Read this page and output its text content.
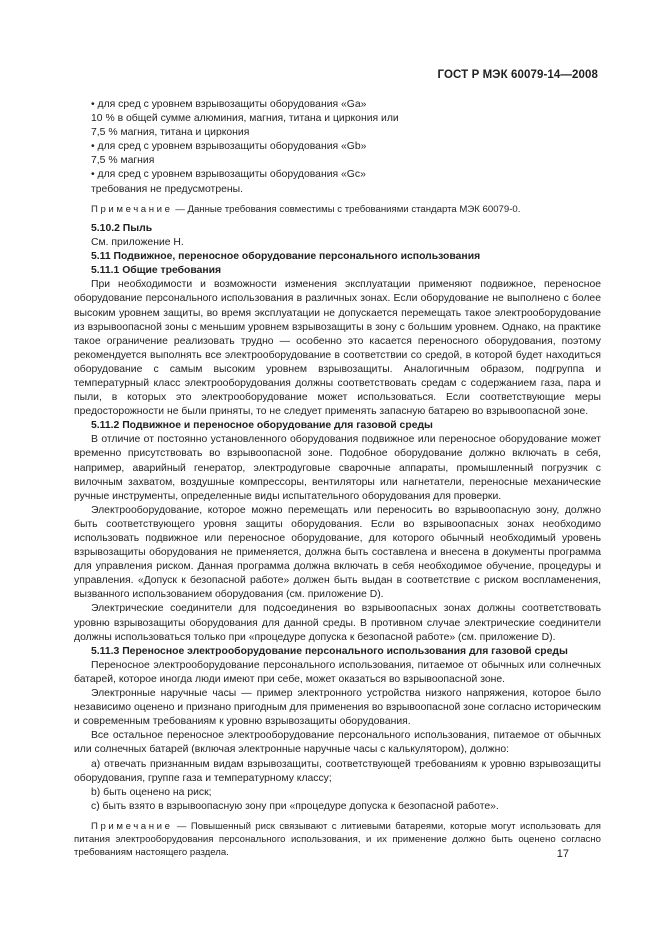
ГОСТ Р МЭК 60079-14—2008

• для сред с уровнем взрывозащиты оборудования «Ga»

10 % в общей сумме алюминия, магния, титана и циркония или

7,5 % магния, титана и циркония

• для сред с уровнем взрывозащиты оборудования «Gb»

7,5 % магния

• для сред с уровнем взрывозащиты оборудования «Gc»

требования не предусмотрены.

Примечание — Данные требования совместимы с требованиями стандарта МЭК 60079-0.

5.10.2 Пыль

См. приложение Н.

5.11 Подвижное, переносное оборудование персонального использования

5.11.1 Общие требования

При необходимости и возможности изменения эксплуатации применяют подвижное, переносное оборудование персонального использования в различных зонах. Если оборудование не выполнено с более высоким уровнем защиты, во время эксплуатации не допускается перемещать такое электрооборудование из взрывоопасной зоны с меньшим уровнем взрывозащиты в зону с большим уровнем. Однако, на практике такое ограничение реализовать трудно — особенно это касается переносного оборудования, поэтому рекомендуется выполнять все электрооборудование в соответствии со средой, в которой будет находиться оборудование с самым высоким уровнем взрывозащиты. Аналогичным образом, подгруппа и температурный класс электрооборудования должны соответствовать средам с содержанием газа, пара и пыли, в которых это электрооборудование может использоваться. Если соответствующие меры предосторожности не были приняты, то не следует применять запасную батарею во взрывоопасной зоне.

5.11.2 Подвижное и переносное оборудование для газовой среды

В отличие от постоянно установленного оборудования подвижное или переносное оборудование может временно присутствовать во взрывоопасной зоне. Подобное оборудование должно включать в себя, например, аварийный генератор, электродуговые сварочные аппараты, промышленный погрузчик с вилочным захватом, воздушные компрессоры, вентиляторы или нагнетатели, переносные механические ручные инструменты, определенные виды испытательного оборудования для проверки.

Электрооборудование, которое можно перемещать или переносить во взрывоопасную зону, должно быть соответствующего уровня защиты оборудования. Если во взрывоопасных зонах необходимо использовать подвижное или переносное оборудование, для которого обычный необходимый уровень взрывозащиты оборудования не применяется, должна быть составлена и внесена в документы программа для управления риском. Данная программа должна включать в себя необходимое обучение, процедуры и управления. «Допуск к безопасной работе» должен быть выдан в соответствие с риском воспламенения, вызванного использованием оборудования (см. приложение D).

Электрические соединители для подсоединения во взрывоопасных зонах должны соответствовать уровню взрывозащиты оборудования для данной среды. В противном случае электрические соединители должны использоваться только при «процедуре допуска к безопасной работе» (см. приложение D).

5.11.3 Переносное электрооборудование персонального использования для газовой среды

Переносное электрооборудование персонального использования, питаемое от обычных или солнечных батарей, которое иногда люди имеют при себе, может оказаться во взрывоопасной зоне.

Электронные наручные часы — пример электронного устройства низкого напряжения, которое было независимо оценено и признано пригодным для применения во взрывоопасной зоне согласно историческим и современным требованиям к уровню взрывозащиты оборудования.

Все остальное переносное электрооборудование персонального использования, питаемое от обычных или солнечных батарей (включая электронные наручные часы с калькулятором), должно:

a) отвечать признанным видам взрывозащиты, соответствующей требованиям к уровню взрывозащиты оборудования, группе газа и температурному классу;

b) быть оценено на риск;

c) быть взято в взрывоопасную зону при «процедуре допуска к безопасной работе».

Примечание — Повышенный риск связывают с литиевыми батареями, которые могут использовать для питания электрооборудования персонального использования, и их применение должно быть оценено согласно требованиям настоящего раздела.	17
